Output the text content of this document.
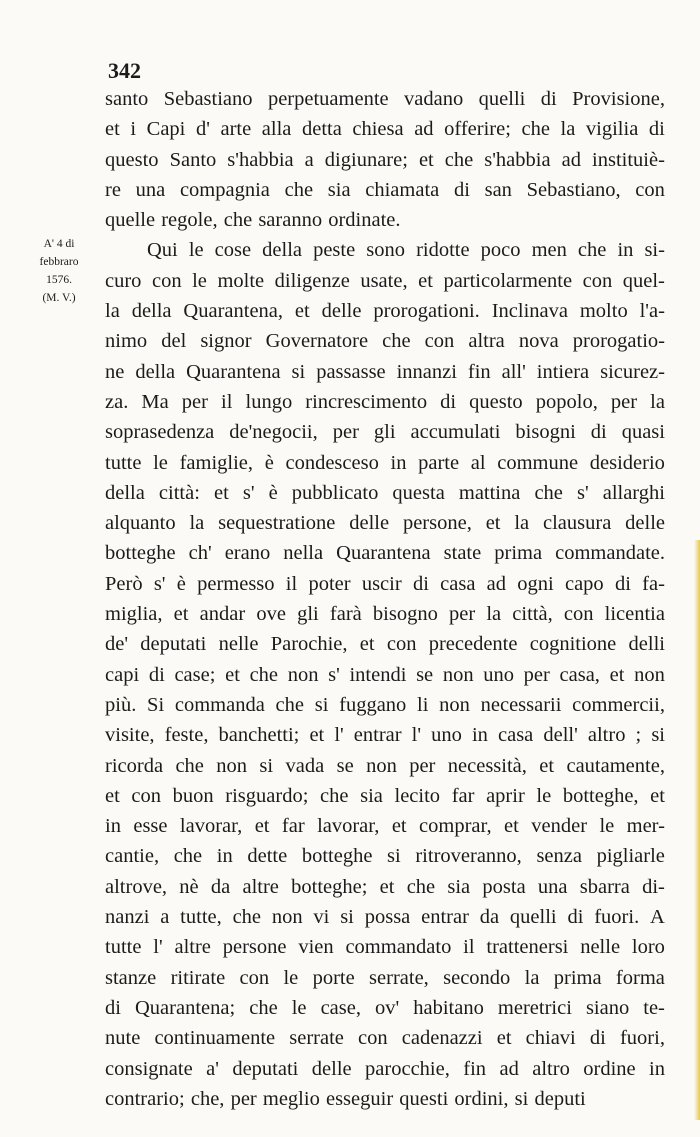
342
A' 4 di
febbraro
1576.
(M. V.)
santo Sebastiano perpetuamente vadano quelli di Provisione,
et i Capi d' arte alla detta chiesa ad offerire; che la vigilia di
questo Santo s'habbia a digiunare; et che s'habbia ad instituiè-
re una compagnia che sia chiamata di san Sebastiano, con
quelle regole, che saranno ordinate.
Qui le cose della peste sono ridotte poco men che in si-
curo con le molte diligenze usate, et particolarmente con quel-
la della Quarantena, et delle prorogationi. Inclinava molto l'a-
nimo del signor Governatore che con altra nova prorogatio-
ne della Quarantena si passasse innanzi fin all' intiera sicurez-
za. Ma per il lungo rincrescimento di questo popolo, per la
soprasedenza de'negocii, per gli accumulati bisogni di quasi
tutte le famiglie, è condesceso in parte al commune desiderio
della città: et s' è pubblicato questa mattina che s' allarghi
alquanto la sequestratione delle persone, et la clausura delle
botteghe ch' erano nella Quarantena state prima commandate.
Però s' è permesso il poter uscir di casa ad ogni capo di fa-
miglia, et andar ove gli farà bisogno per la città, con licentia
de' deputati nelle Parochie, et con precedente cognitione delli
capi di case; et che non s' intendi se non uno per casa, et non
più. Si commanda che si fuggano li non necessarii commercii,
visite, feste, banchetti; et l' entrar l' uno in casa dell' altro ; si
ricorda che non si vada se non per necessità, et cautamente,
et con buon risguardo; che sia lecito far aprir le botteghe, et
in esse lavorar, et far lavorar, et comprar, et vender le mer-
cantie, che in dette botteghe si ritroveranno, senza pigliarle
altrove, nè da altre botteghe; et che sia posta una sbarra di-
nanzi a tutte, che non vi si possa entrar da quelli di fuori. A
tutte l' altre persone vien commandato il trattenersi nelle loro
stanze ritirate con le porte serrate, secondo la prima forma
di Quarantena; che le case, ov' habitano meretrici siano te-
nute continuamente serrate con cadenazzi et chiavi di fuori,
consignate a' deputati delle parocchie, fin ad altro ordine in
contrario; che, per meglio esseguir questi ordini, si deputi
